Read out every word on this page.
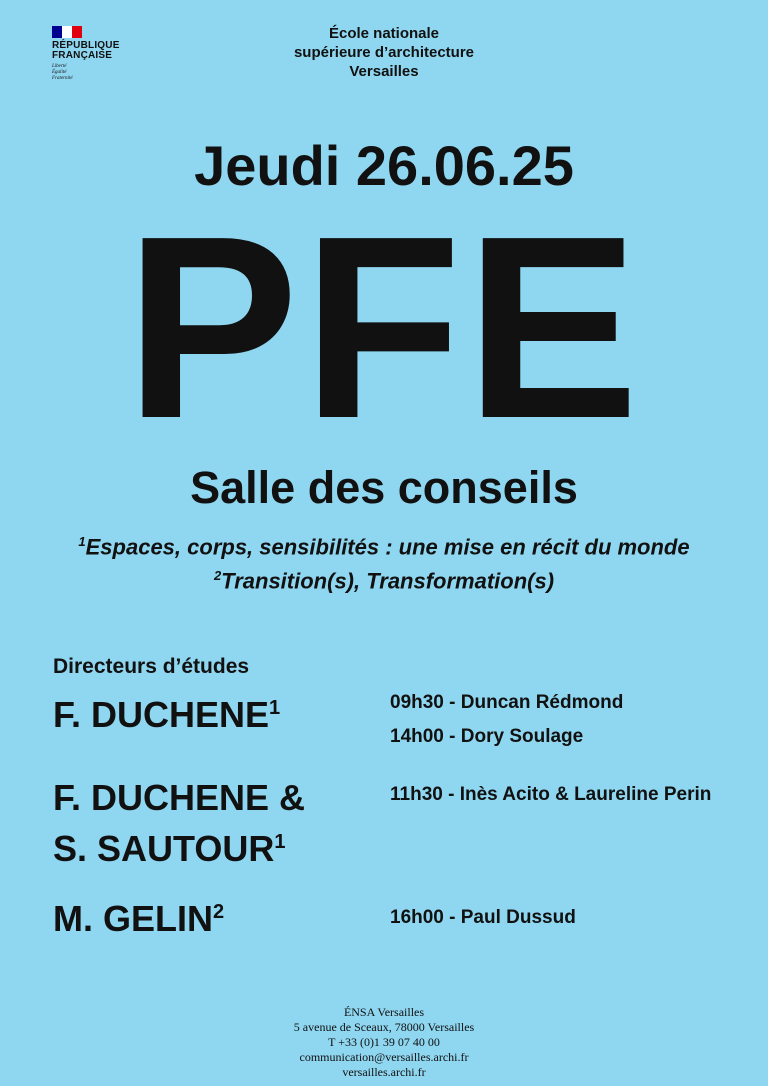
RÉPUBLIQUE
FRANÇAISE
Liberté
Égalité
Fraternité
École nationale
supérieure d’architecture
Versailles
Jeudi 26.06.25
PFE
Salle des conseils
$^1$Espaces, corps, sensibilités : une mise en récit du monde
$^2$Transition(s), Transformation(s)
Directeurs d’études
F. DUCHENE$^1$
F. DUCHENE &
S. SAUTOUR$^1$
M. GELIN$^2$
09h30 - Duncan Rédmond
14h00 - Dory Soulage
11h30 - Inès Acito & Laureline Perin
16h00 - Paul Dussud
ÉNSA Versailles
5 avenue de Sceaux, 78000 Versailles
T +33 (0)1 39 07 40 00
communication@versailles.archi.fr
versailles.archi.fr
